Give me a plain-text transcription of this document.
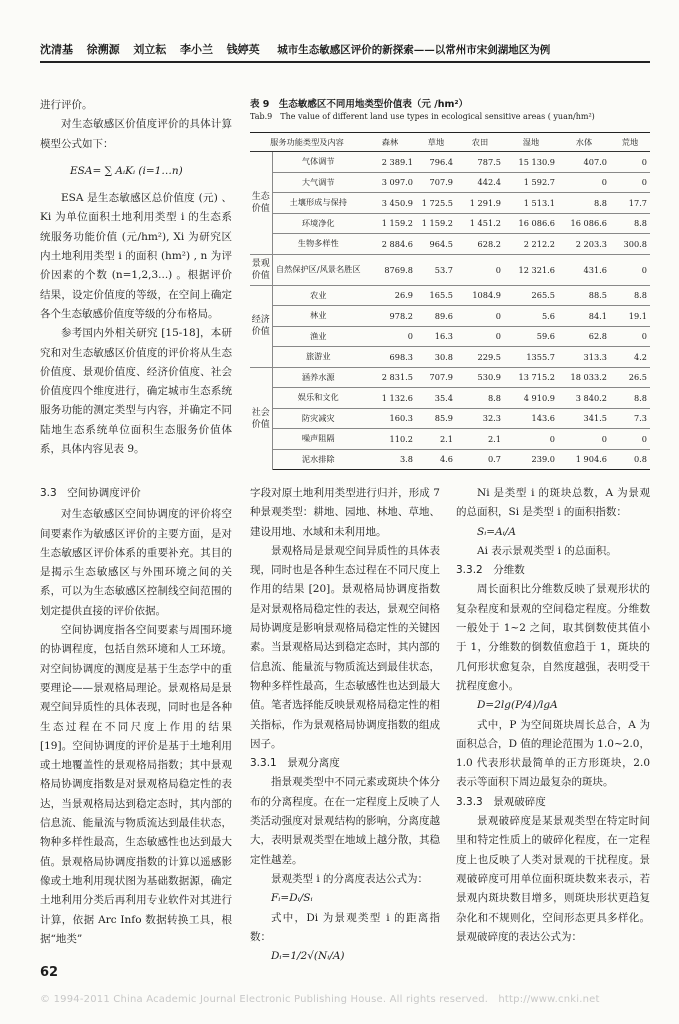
沈清基 徐溯源 刘立耘 李小兰 钱婷英 城市生态敏感区评价的新探索——以常州市宋剑湖地区为例

进行评价。

对生态敏感区价值度评价的具体计算模型公式如下：

ESA= ∑ AᵢKᵢ (i=1…n)

ESA 是生态敏感区总价值度 (元) 、Ki 为单位面积土地利用类型 i 的生态系统服务功能价值 (元/hm²), Xi 为研究区内土地利用类型 i 的面积 (hm²) , n 为评价因素的个数 (n=1,2,3...) 。根据评价结果，设定价值度的等级，在空间上确定各个生态敏感价值度等级的分布格局。

参考国内外相关研究 [15-18]，本研究和对生态敏感区价值度的评价将从生态价值度、景观价值度、经济价值度、社会价值度四个维度进行，确定城市生态系统服务功能的测定类型与内容，并确定不同陆地生态系统单位面积生态服务价值体系，具体内容见表 9。

表 9　生态敏感区不同用地类型价值表（元 /hm²）
Tab.9　The value of different land use types in ecological sensitive areas ( yuan/hm²)
服务功能类型及内容		森林	草地	农田	湿地	水体	荒地
生态价值	气体调节	2 389.1	796.4	787.5	15 130.9	407.0	0
	大气调节	3 097.0	707.9	442.4	1 592.7	0	0
	土壤形成与保持	3 450.9	1 725.5	1 291.9	1 513.1	8.8	17.7
	环境净化	1 159.2	1 159.2	1 451.2	16 086.6	16 086.6	8.8
	生物多样性	2 884.6	964.5	628.2	2 212.2	2 203.3	300.8
景观价值	自然保护区/风景名胜区	8769.8	53.7	0	12 321.6	431.6	0
经济价值	农业	26.9	165.5	1084.9	265.5	88.5	8.8
	林业	978.2	89.6	0	5.6	84.1	19.1
	渔业	0	16.3	0	59.6	62.8	0
	旅游业	698.3	30.8	229.5	1355.7	313.3	4.2
社会价值	涵养水源	2 831.5	707.9	530.9	13 715.2	18 033.2	26.5
	娱乐和文化	1 132.6	35.4	8.8	4 910.9	3 840.2	8.8
	防灾减灾	160.3	85.9	32.3	143.6	341.5	7.3
	噪声阻隔	110.2	2.1	2.1	0	0	0
	泥水排除	3.8	4.6	0.7	239.0	1 904.6	0.8

3.3　空间协调度评价

对生态敏感区空间协调度的评价将空间要素作为敏感区评价的主要方面，是对生态敏感区评价体系的重要补充。其目的是揭示生态敏感区与外围环境之间的关系，可以为生态敏感区控制线空间范围的划定提供直接的评价依据。

空间协调度指各空间要素与周围环境的协调程度，包括自然环境和人工环境。对空间协调度的测度是基于生态学中的重要理论——景观格局理论。景观格局是景观空间异质性的具体表现，同时也是各种生态过程在不同尺度上作用的结果 [19]。空间协调度的评价是基于土地利用或土地覆盖性的景观格局指数；其中景观格局协调度指数是对景观格局稳定性的表达，当景观格局达到稳定态时，其内部的信息流、能量流与物质流达到最佳状态，物种多样性最高，生态敏感性也达到最大值。景观格局协调度指数的计算以遥感影像或土地利用现状图为基础数据源，确定土地利用分类后再利用专业软件对其进行计算，依据 Arc Info 数据转换工具，根据“地类”

字段对原土地利用类型进行归并，形成 7 种景观类型：耕地、园地、林地、草地、建设用地、水域和未利用地。

景观格局是景观空间异质性的具体表现，同时也是各种生态过程在不同尺度上作用的结果 [20]。景观格局协调度指数是对景观格局稳定性的表达，景观空间格局协调度是影响景观格局稳定性的关键因素。当景观格局达到稳定态时，其内部的信息流、能量流与物质流达到最佳状态，物种多样性最高，生态敏感性也达到最大值。笔者选择能反映景观格局稳定性的相关指标，作为景观格局协调度指数的组成因子。

3.3.1　景观分离度

指景观类型中不同元素或斑块个体分布的分离程度。在在一定程度上反映了人类活动强度对景观结构的影响，分离度越大，表明景观类型在地域上越分散，其稳定性越差。

景观类型 i 的分离度表达公式为：

Fᵢ=Dᵢ/Sᵢ

式中，Di 为景观类型 i 的距离指数：

Dᵢ=1/2√(Nᵢ/A)

Ni 是类型 i 的斑块总数，A 为景观的总面积，Si 是类型 i 的面积指数：

Sᵢ=Aᵢ/A

Ai 表示景观类型 i 的总面积。

3.3.2　分维数

周长面积比分维数反映了景观形状的复杂程度和景观的空间稳定程度。分维数一般处于 1~2 之间，取其倒数使其值小于 1，分维数的倒数值愈趋于 1，斑块的几何形状愈复杂，自然度越强，表明受干扰程度愈小。

D=2lg(P/4)/lgA

式中，P 为空间斑块周长总合，A 为面积总合，D 值的理论范围为 1.0~2.0，1.0 代表形状最简单的正方形斑块，2.0 表示等面积下周边最复杂的斑块。

3.3.3　景观破碎度

景观破碎度是某景观类型在特定时间里和特定性质上的破碎化程度，在一定程度上也反映了人类对景观的干扰程度。景观破碎度可用单位面积斑块数来表示，若景观内斑块数目增多，则斑块形状更趋复杂化和不规则化，空间形态更具多样化。景观破碎度的表达公式为：

62
© 1994-2011 China Academic Journal Electronic Publishing House. All rights reserved.　http://www.cnki.net
